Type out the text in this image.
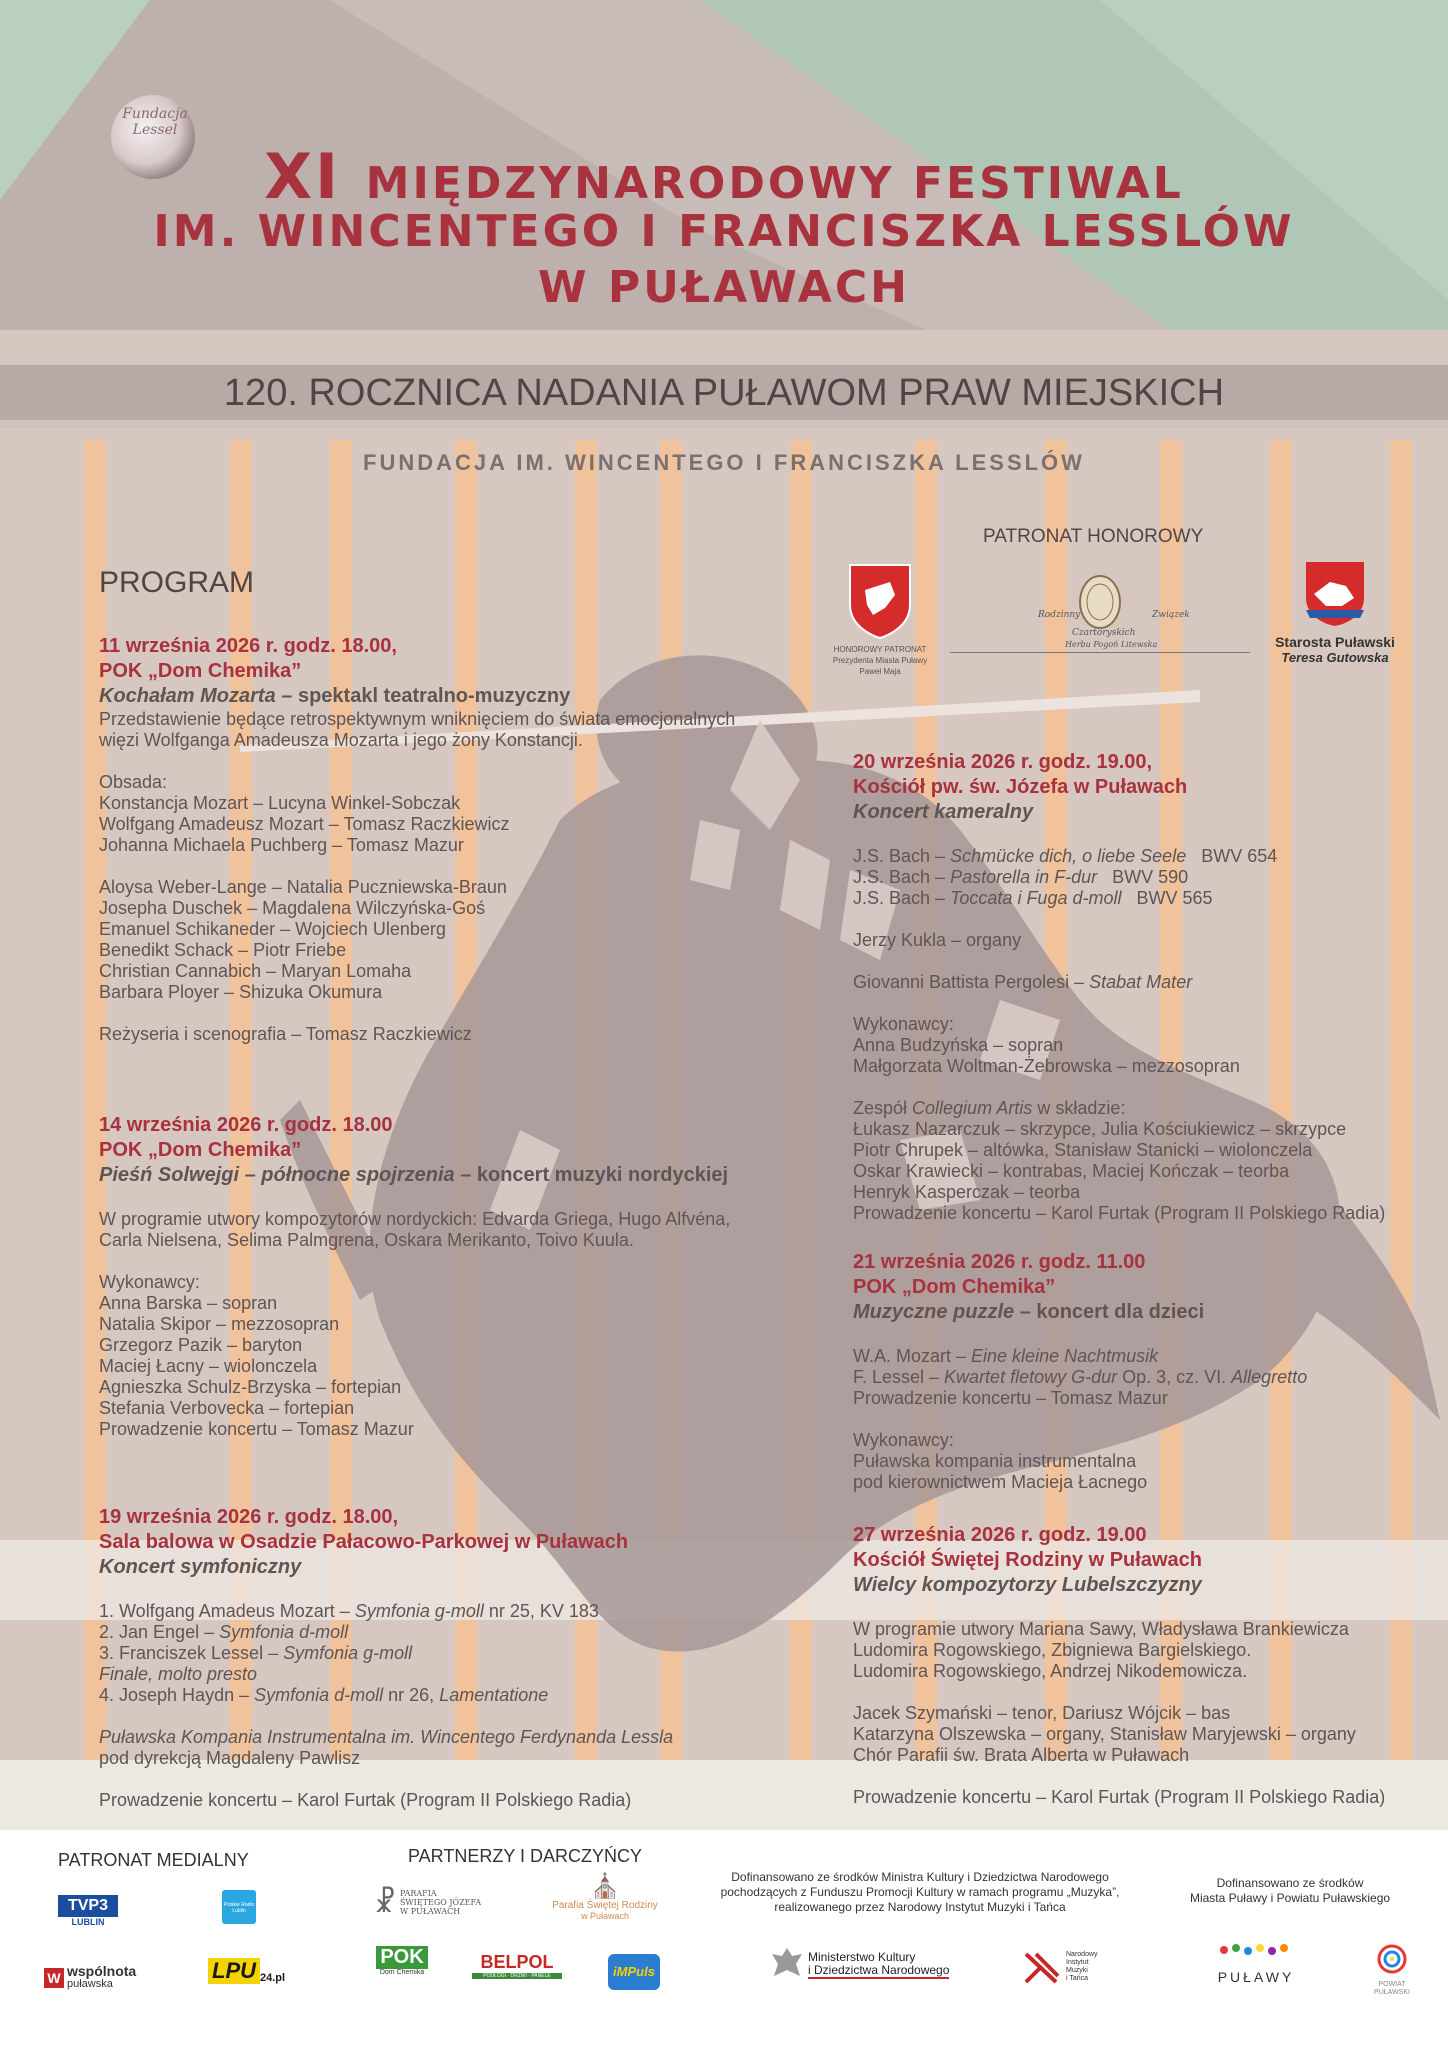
Fundacja
Lessel
XI MIĘDZYNARODOWY FESTIWAL
IM. WINCENTEGO I FRANCISZKA LESSLÓW
W PUŁAWACH
120. ROCZNICA NADANIA PUŁAWOM PRAW MIEJSKICH
FUNDACJA IM. WINCENTEGO I FRANCISZKA LESSLÓW
PATRONAT HONOROWY
HONOROWY PATRONAT
Prezydenta Miasta Puławy
Paweł Maja
Rodzinny	Związek
Czartoryskich
Herbu Pogoń Litewska	Starosta Puławski
Teresa Gutowska
PROGRAM
11 września 2026 r. godz. 18.00,
POK „Dom Chemika”
Kochałam Mozarta – spektakl teatralno-muzyczny

Przedstawienie będące retrospektywnym wniknięciem do świata emocjonalnych

więzi Wolfganga Amadeusza Mozarta i jego żony Konstancji.

Obsada:

Konstancja Mozart – Lucyna Winkel-Sobczak

Wolfgang Amadeusz Mozart – Tomasz Raczkiewicz

Johanna Michaela Puchberg – Tomasz Mazur

Aloysa Weber-Lange – Natalia Puczniewska-Braun

Josepha Duschek – Magdalena Wilczyńska-Goś

Emanuel Schikaneder – Wojciech Ulenberg

Benedikt Schack – Piotr Friebe

Christian Cannabich – Maryan Lomaha

Barbara Ployer – Shizuka Okumura

Reżyseria i scenografia – Tomasz Raczkiewicz

14 września 2026 r. godz. 18.00
POK „Dom Chemika”
Pieśń Solwejgi – północne spojrzenia – koncert muzyki nordyckiej

W programie utwory kompozytorów nordyckich: Edvarda Griega, Hugo Alfvéna,

Carla Nielsena, Selima Palmgrena, Oskara Merikanto, Toivo Kuula.

Wykonawcy:

Anna Barska – sopran

Natalia Skipor – mezzosopran

Grzegorz Pazik – baryton

Maciej Łacny – wiolonczela

Agnieszka Schulz-Brzyska – fortepian

Stefania Verbovecka – fortepian

Prowadzenie koncertu – Tomasz Mazur

19 września 2026 r. godz. 18.00,
Sala balowa w Osadzie Pałacowo-Parkowej w Puławach
Koncert symfoniczny

1. Wolfgang Amadeus Mozart – Symfonia g-moll nr 25, KV 183

2. Jan Engel – Symfonia d-moll

3. Franciszek Lessel – Symfonia g-moll

Finale, molto presto

4. Joseph Haydn – Symfonia d-moll nr 26, Lamentatione

Puławska Kompania Instrumentalna im. Wincentego Ferdynanda Lessla

pod dyrekcją Magdaleny Pawlisz

Prowadzenie koncertu – Karol Furtak (Program II Polskiego Radia)

20 września 2026 r. godz. 19.00,
Kościół pw. św. Józefa w Puławach
Koncert kameralny

J.S. Bach – Schmücke dich, o liebe Seele   BWV 654

J.S. Bach – Pastorella in F-dur   BWV 590

J.S. Bach – Toccata i Fuga d-moll   BWV 565

Jerzy Kukla – organy

Giovanni Battista Pergolesi – Stabat Mater

Wykonawcy:

Anna Budzyńska – sopran

Małgorzata Woltman-Żebrowska – mezzosopran

Zespół Collegium Artis w składzie:

Łukasz Nazarczuk – skrzypce, Julia Kościukiewicz – skrzypce

Piotr Chrupek – altówka, Stanisław Stanicki – wiolonczela

Oskar Krawiecki – kontrabas, Maciej Kończak – teorba

Henryk Kasperczak – teorba

Prowadzenie koncertu – Karol Furtak (Program II Polskiego Radia)

21 września 2026 r. godz. 11.00
POK „Dom Chemika”
Muzyczne puzzle – koncert dla dzieci

W.A. Mozart – Eine kleine Nachtmusik

F. Lessel – Kwartet fletowy G-dur Op. 3, cz. VI. Allegretto

Prowadzenie koncertu – Tomasz Mazur

Wykonawcy:

Puławska kompania instrumentalna

pod kierownictwem Macieja Łacnego

27 września 2026 r. godz. 19.00
Kościół Świętej Rodziny w Puławach
Wielcy kompozytorzy Lubelszczyzny

W programie utwory Mariana Sawy, Władysława Brankiewicza

Ludomira Rogowskiego, Zbigniewa Bargielskiego.

Ludomira Rogowskiego, Andrzej Nikodemowicza.

Jacek Szymański – tenor, Dariusz Wójcik – bas

Katarzyna Olszewska – organy, Stanisław Maryjewski – organy

Chór Parafii św. Brata Alberta w Puławach

Prowadzenie koncertu – Karol Furtak (Program II Polskiego Radia)

PATRONAT MEDIALNY	PARTNERZY I DARCZYŃCY
Dofinansowano ze środków Ministra Kultury i Dziedzictwa Narodowego
pochodzących z Funduszu Promocji Kultury w ramach programu „Muzyka”,
realizowanego przez Narodowy Instytut Muzyki i Tańca
Dofinansowano ze środków
Miasta Puławy i Powiatu Puławskiego
TVP3
LUBLIN
Polskie Radio Lublin
W wspólnota
puławska
LPU 24.pl
☧ PARAFIA
ŚWIĘTEGO JÓZEFA
W PUŁAWACH
⛪
Parafia Świętej Rodziny
w Puławach
POK
Dom Chemika
BELPOL
PODŁOGI · DRZWI · PANELE	iMPuls
Ministerstwo Kultury
i Dziedzictwa Narodowego
Narodowy
Instytut
Muzyki
i Tańca	PUŁAWY	POWIAT
PUŁAWSKI
